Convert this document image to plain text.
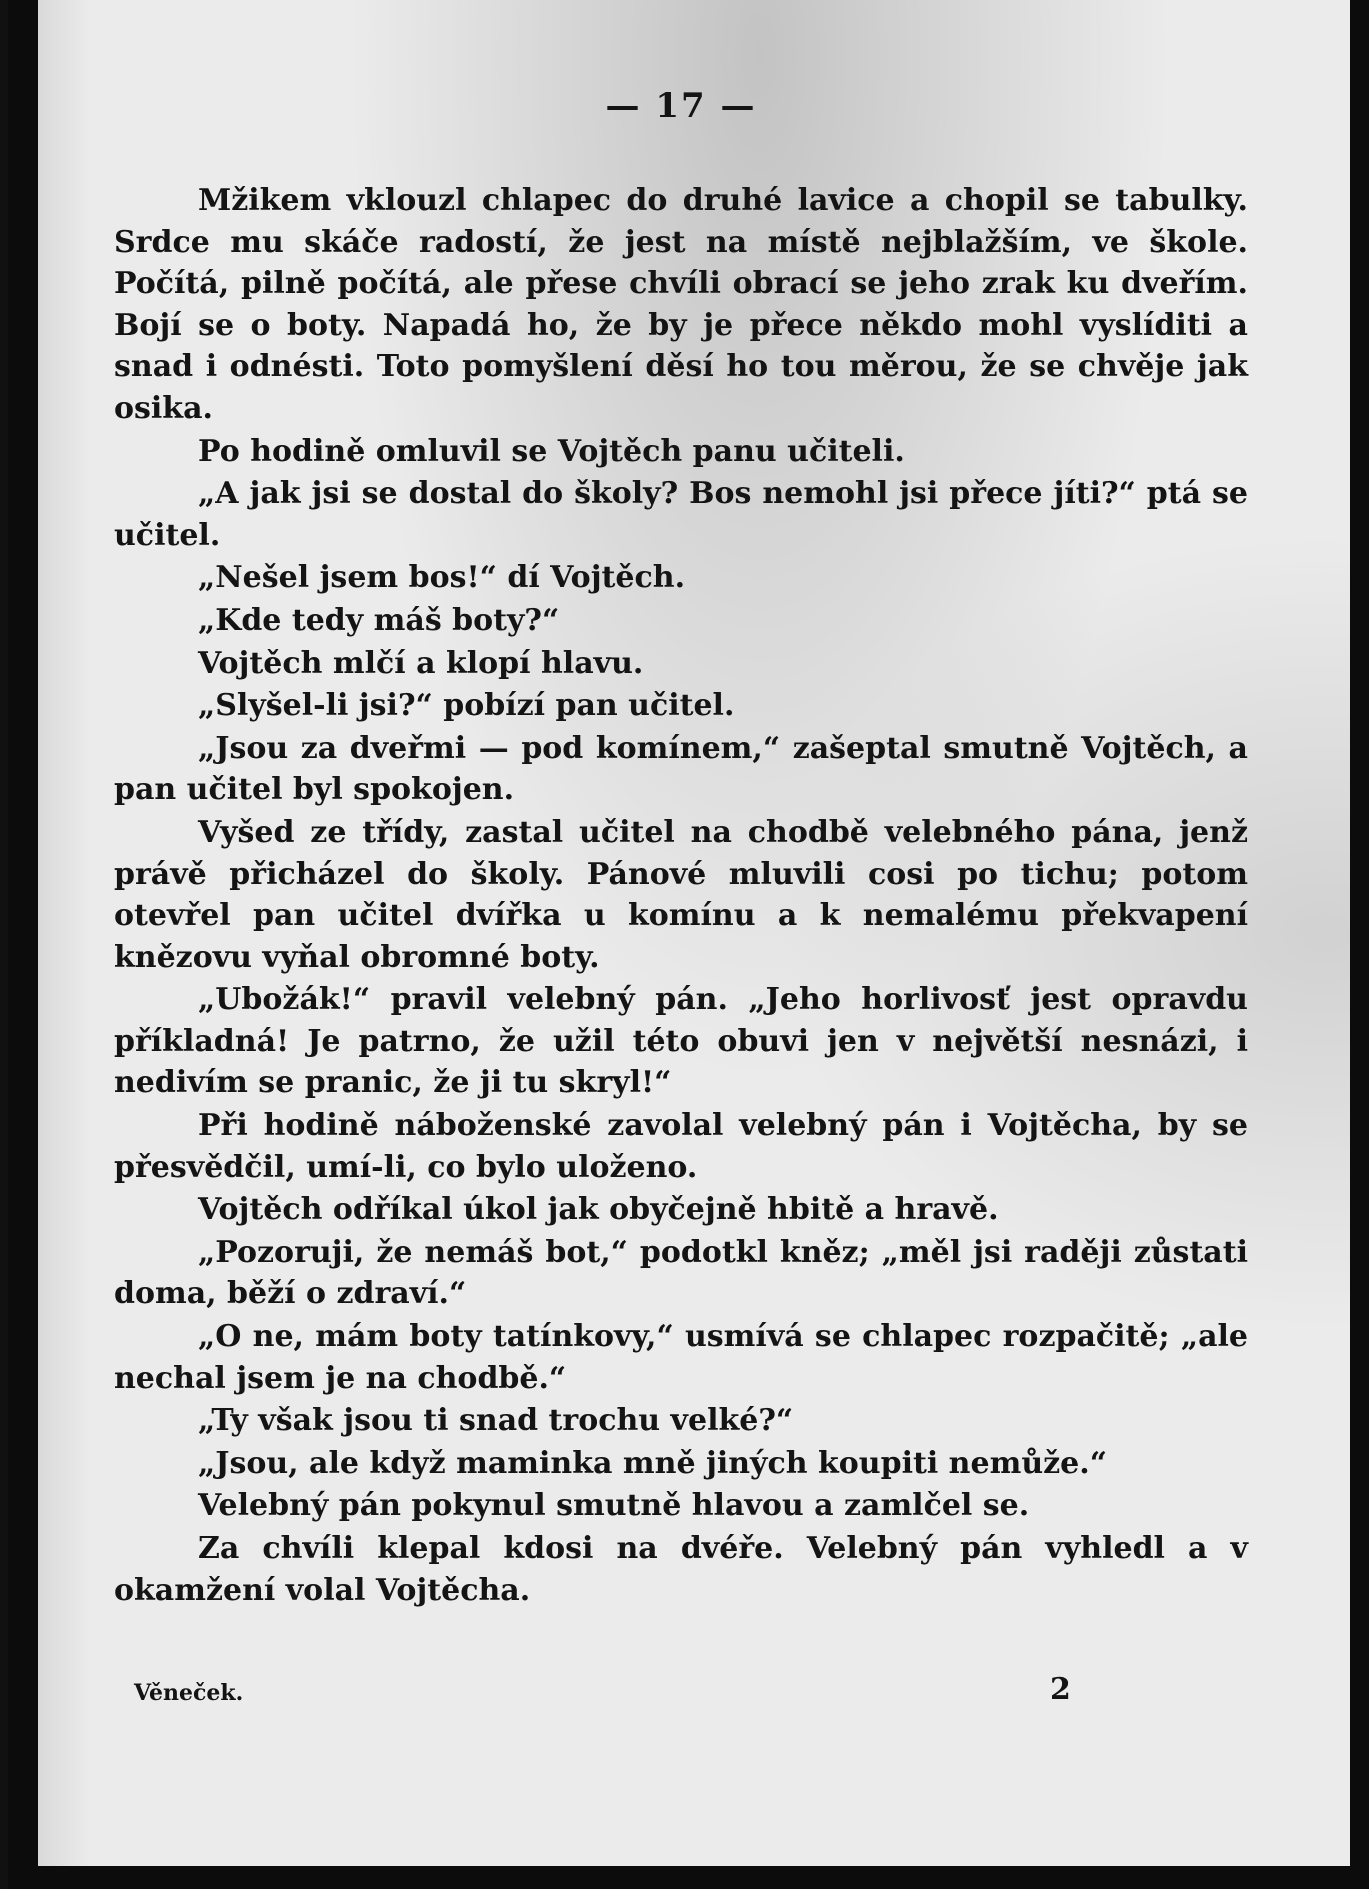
— 17 —

Mžikem vklouzl chlapec do druhé lavice a chopil se tabulky. Srdce mu skáče radostí, že jest na místě nejblažším, ve škole. Počítá, pilně počítá, ale přese chvíli obrací se jeho zrak ku dveřím. Bojí se o boty. Napadá ho, že by je přece někdo mohl vyslíditi a snad i odnésti. Toto pomyšlení děsí ho tou měrou, že se chvěje jak osika.

Po hodině omluvil se Vojtěch panu učiteli.

„A jak jsi se dostal do školy? Bos nemohl jsi přece jíti?“ ptá se učitel.

„Nešel jsem bos!“ dí Vojtěch.

„Kde tedy máš boty?“

Vojtěch mlčí a klopí hlavu.

„Slyšel-li jsi?“ pobízí pan učitel.

„Jsou za dveřmi — pod komínem,“ zašeptal smutně Vojtěch, a pan učitel byl spokojen.

Vyšed ze třídy, zastal učitel na chodbě velebného pána, jenž právě přicházel do školy. Pánové mluvili cosi po tichu; potom otevřel pan učitel dvířka u komínu a k nemalému překvapení knězovu vyňal obromné boty.

„Ubožák!“ pravil velebný pán. „Jeho horlivosť jest opravdu příkladná! Je patrno, že užil této obuvi jen v největší nesnázi, i nedivím se pranic, že ji tu skryl!“

Při hodině náboženské zavolal velebný pán i Vojtěcha, by se přesvědčil, umí-li, co bylo uloženo.

Vojtěch odříkal úkol jak obyčejně hbitě a hravě.

„Pozoruji, že nemáš bot,“ podotkl kněz; „měl jsi raději zůstati doma, běží o zdraví.“

„O ne, mám boty tatínkovy,“ usmívá se chlapec rozpačitě; „ale nechal jsem je na chodbě.“

„Ty však jsou ti snad trochu velké?“

„Jsou, ale když maminka mně jiných koupiti nemůže.“

Velebný pán pokynul smutně hlavou a zamlčel se.

Za chvíli klepal kdosi na dvéře. Velebný pán vyhledl a v okamžení volal Vojtěcha.

Věneček.	2
